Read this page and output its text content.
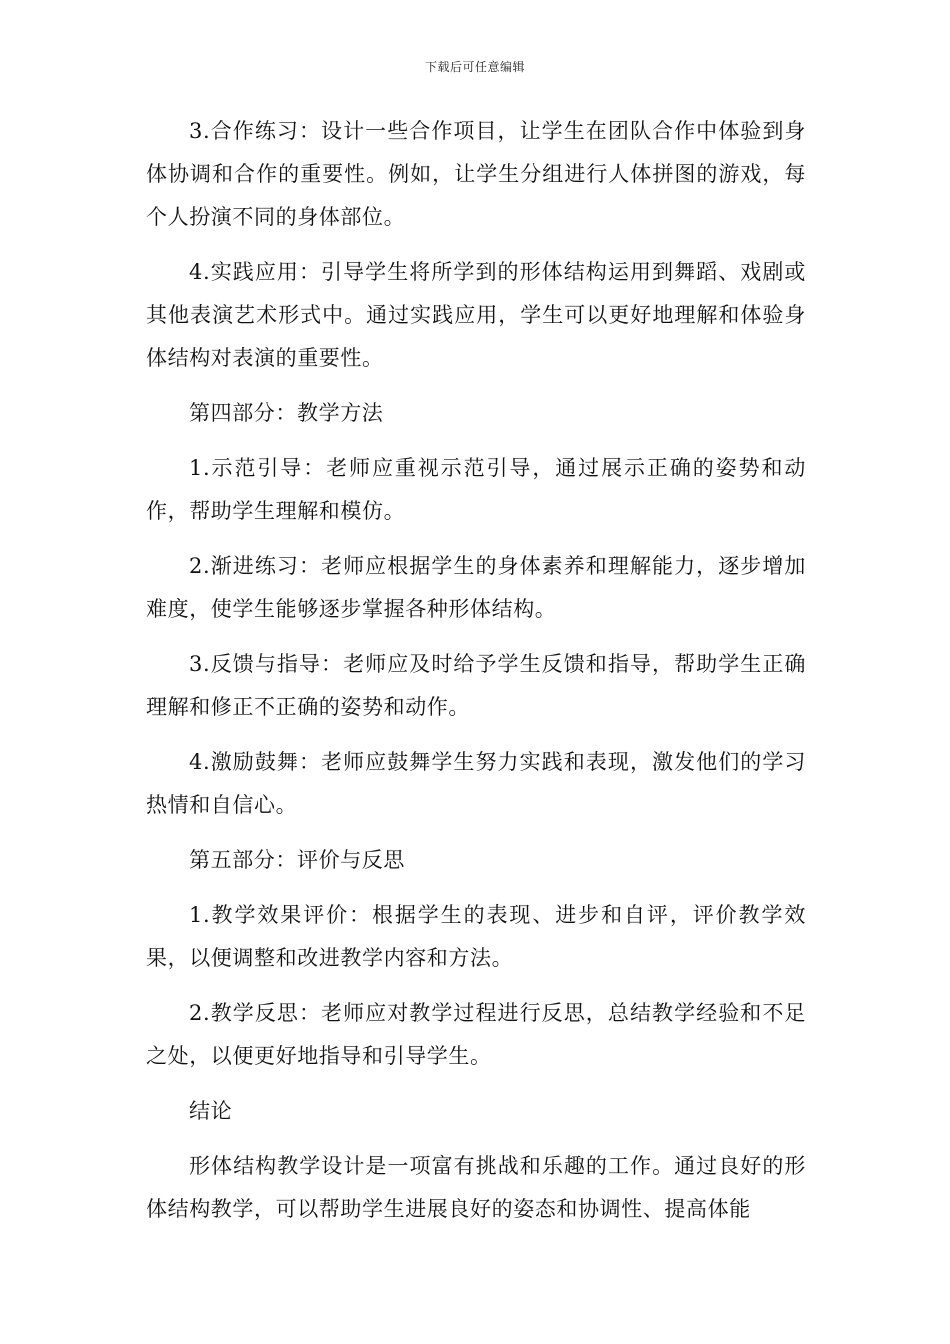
下载后可任意编辑

3.合作练习：设计一些合作项目，让学生在团队合作中体验到身体协调和合作的重要性。例如，让学生分组进行人体拼图的游戏，每个人扮演不同的身体部位。

4.实践应用：引导学生将所学到的形体结构运用到舞蹈、戏剧或其他表演艺术形式中。通过实践应用，学生可以更好地理解和体验身体结构对表演的重要性。

第四部分：教学方法

1.示范引导：老师应重视示范引导，通过展示正确的姿势和动作，帮助学生理解和模仿。

2.渐进练习：老师应根据学生的身体素养和理解能力，逐步增加难度，使学生能够逐步掌握各种形体结构。

3.反馈与指导：老师应及时给予学生反馈和指导，帮助学生正确理解和修正不正确的姿势和动作。

4.激励鼓舞：老师应鼓舞学生努力实践和表现，激发他们的学习热情和自信心。

第五部分：评价与反思

1.教学效果评价：根据学生的表现、进步和自评，评价教学效果，以便调整和改进教学内容和方法。

2.教学反思：老师应对教学过程进行反思，总结教学经验和不足之处，以便更好地指导和引导学生。

结论

形体结构教学设计是一项富有挑战和乐趣的工作。通过良好的形体结构教学，可以帮助学生进展良好的姿态和协调性、提高体能
